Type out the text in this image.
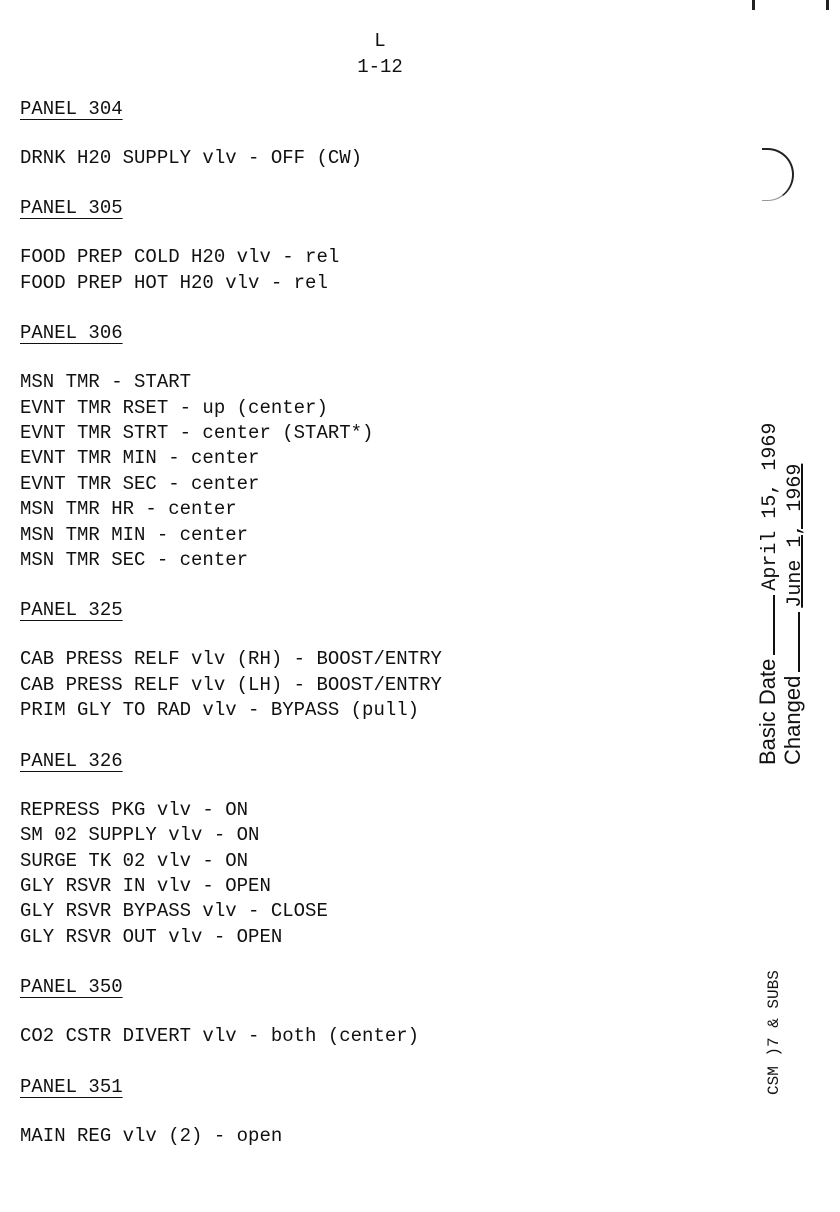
L
1-12
PANEL 304
DRNK H20 SUPPLY vlv - OFF (CW)
PANEL 305
FOOD PREP COLD H20 vlv - rel
FOOD PREP HOT H20 vlv - rel
PANEL 306
MSN TMR - START
EVNT TMR RSET - up (center)
EVNT TMR STRT - center (START*)
EVNT TMR MIN - center
EVNT TMR SEC - center
MSN TMR HR - center
MSN TMR MIN - center
MSN TMR SEC - center
PANEL 325
CAB PRESS RELF vlv (RH) - BOOST/ENTRY
CAB PRESS RELF vlv (LH) - BOOST/ENTRY
PRIM GLY TO RAD vlv - BYPASS (pull)
PANEL 326
REPRESS PKG vlv - ON
SM 02 SUPPLY vlv - ON
SURGE TK 02 vlv - ON
GLY RSVR IN vlv - OPEN
GLY RSVR BYPASS vlv - CLOSE
GLY RSVR OUT vlv - OPEN
PANEL 350
CO2 CSTR DIVERT vlv - both (center)
PANEL 351
MAIN REG vlv (2) - open
Basic DateApril 15, 1969
ChangedJune 1, 1969
CSM )7 & SUBS
